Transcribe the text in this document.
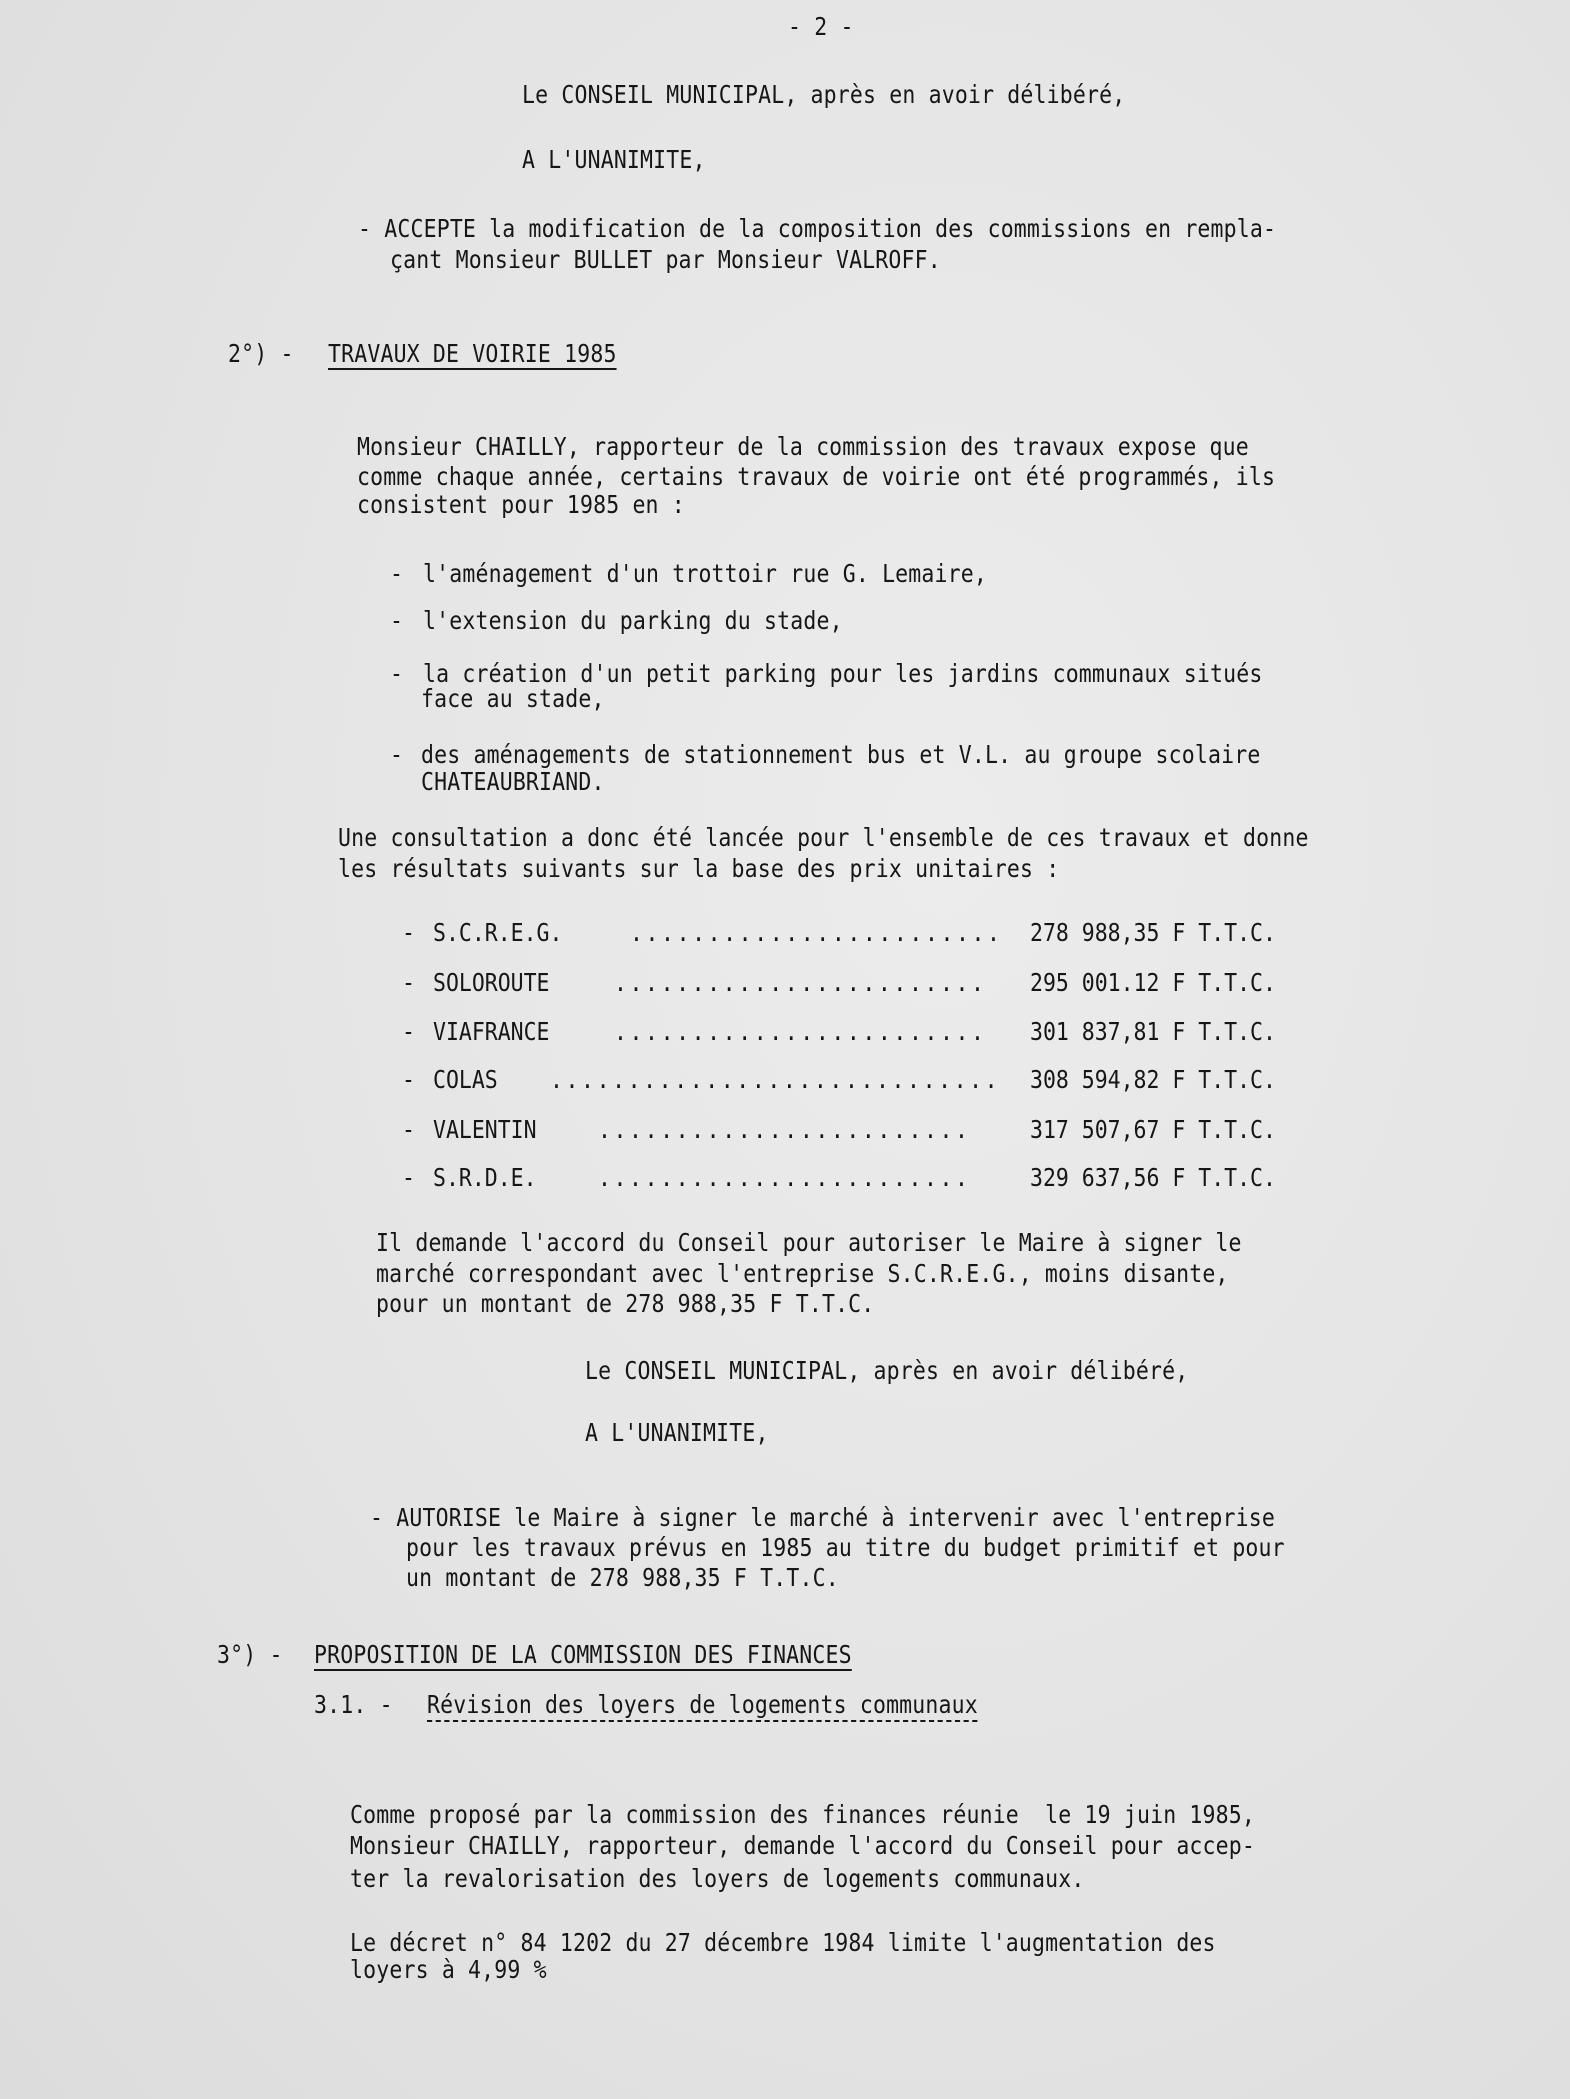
- 2 -
Le CONSEIL MUNICIPAL, après en avoir délibéré,
A L'UNANIMITE,
- ACCEPTE la modification de la composition des commissions en rempla-
çant Monsieur BULLET par Monsieur VALROFF.
2°) - TRAVAUX DE VOIRIE 1985
Monsieur CHAILLY, rapporteur de la commission des travaux expose que
comme chaque année, certains travaux de voirie ont été programmés, ils
consistent pour 1985 en :
- l'aménagement d'un trottoir rue G. Lemaire,
- l'extension du parking du stade,
- la création d'un petit parking pour les jardins communaux situés
face au stade,
- des aménagements de stationnement bus et V.L. au groupe scolaire
CHATEAUBRIAND.
Une consultation a donc été lancée pour l'ensemble de ces travaux et donne
les résultats suivants sur la base des prix unitaires :
- S.C.R.E.G.	........................ 278 988,35 F T.T.C.
- SOLOROUTE	........................ 295 001.12 F T.T.C.
- VIAFRANCE	........................ 301 837,81 F T.T.C.
- COLAS ............................. 308 594,82 F T.T.C.
- VALENTIN ........................ 317 507,67 F T.T.C.
- S.R.D.E. ........................ 329 637,56 F T.T.C.
Il demande l'accord du Conseil pour autoriser le Maire à signer le
marché correspondant avec l'entreprise S.C.R.E.G., moins disante,
pour un montant de 278 988,35 F T.T.C.
Le CONSEIL MUNICIPAL, après en avoir délibéré,
A L'UNANIMITE,
- AUTORISE le Maire à signer le marché à intervenir avec l'entreprise
pour les travaux prévus en 1985 au titre du budget primitif et pour
un montant de 278 988,35 F T.T.C.
3°) - PROPOSITION DE LA COMMISSION DES FINANCES
3.1. - Révision des loyers de logements communaux
Comme proposé par la commission des finances réunie  le 19 juin 1985,
Monsieur CHAILLY, rapporteur, demande l'accord du Conseil pour accep-
ter la revalorisation des loyers de logements communaux.
Le décret n° 84 1202 du 27 décembre 1984 limite l'augmentation des
loyers à 4,99 %
